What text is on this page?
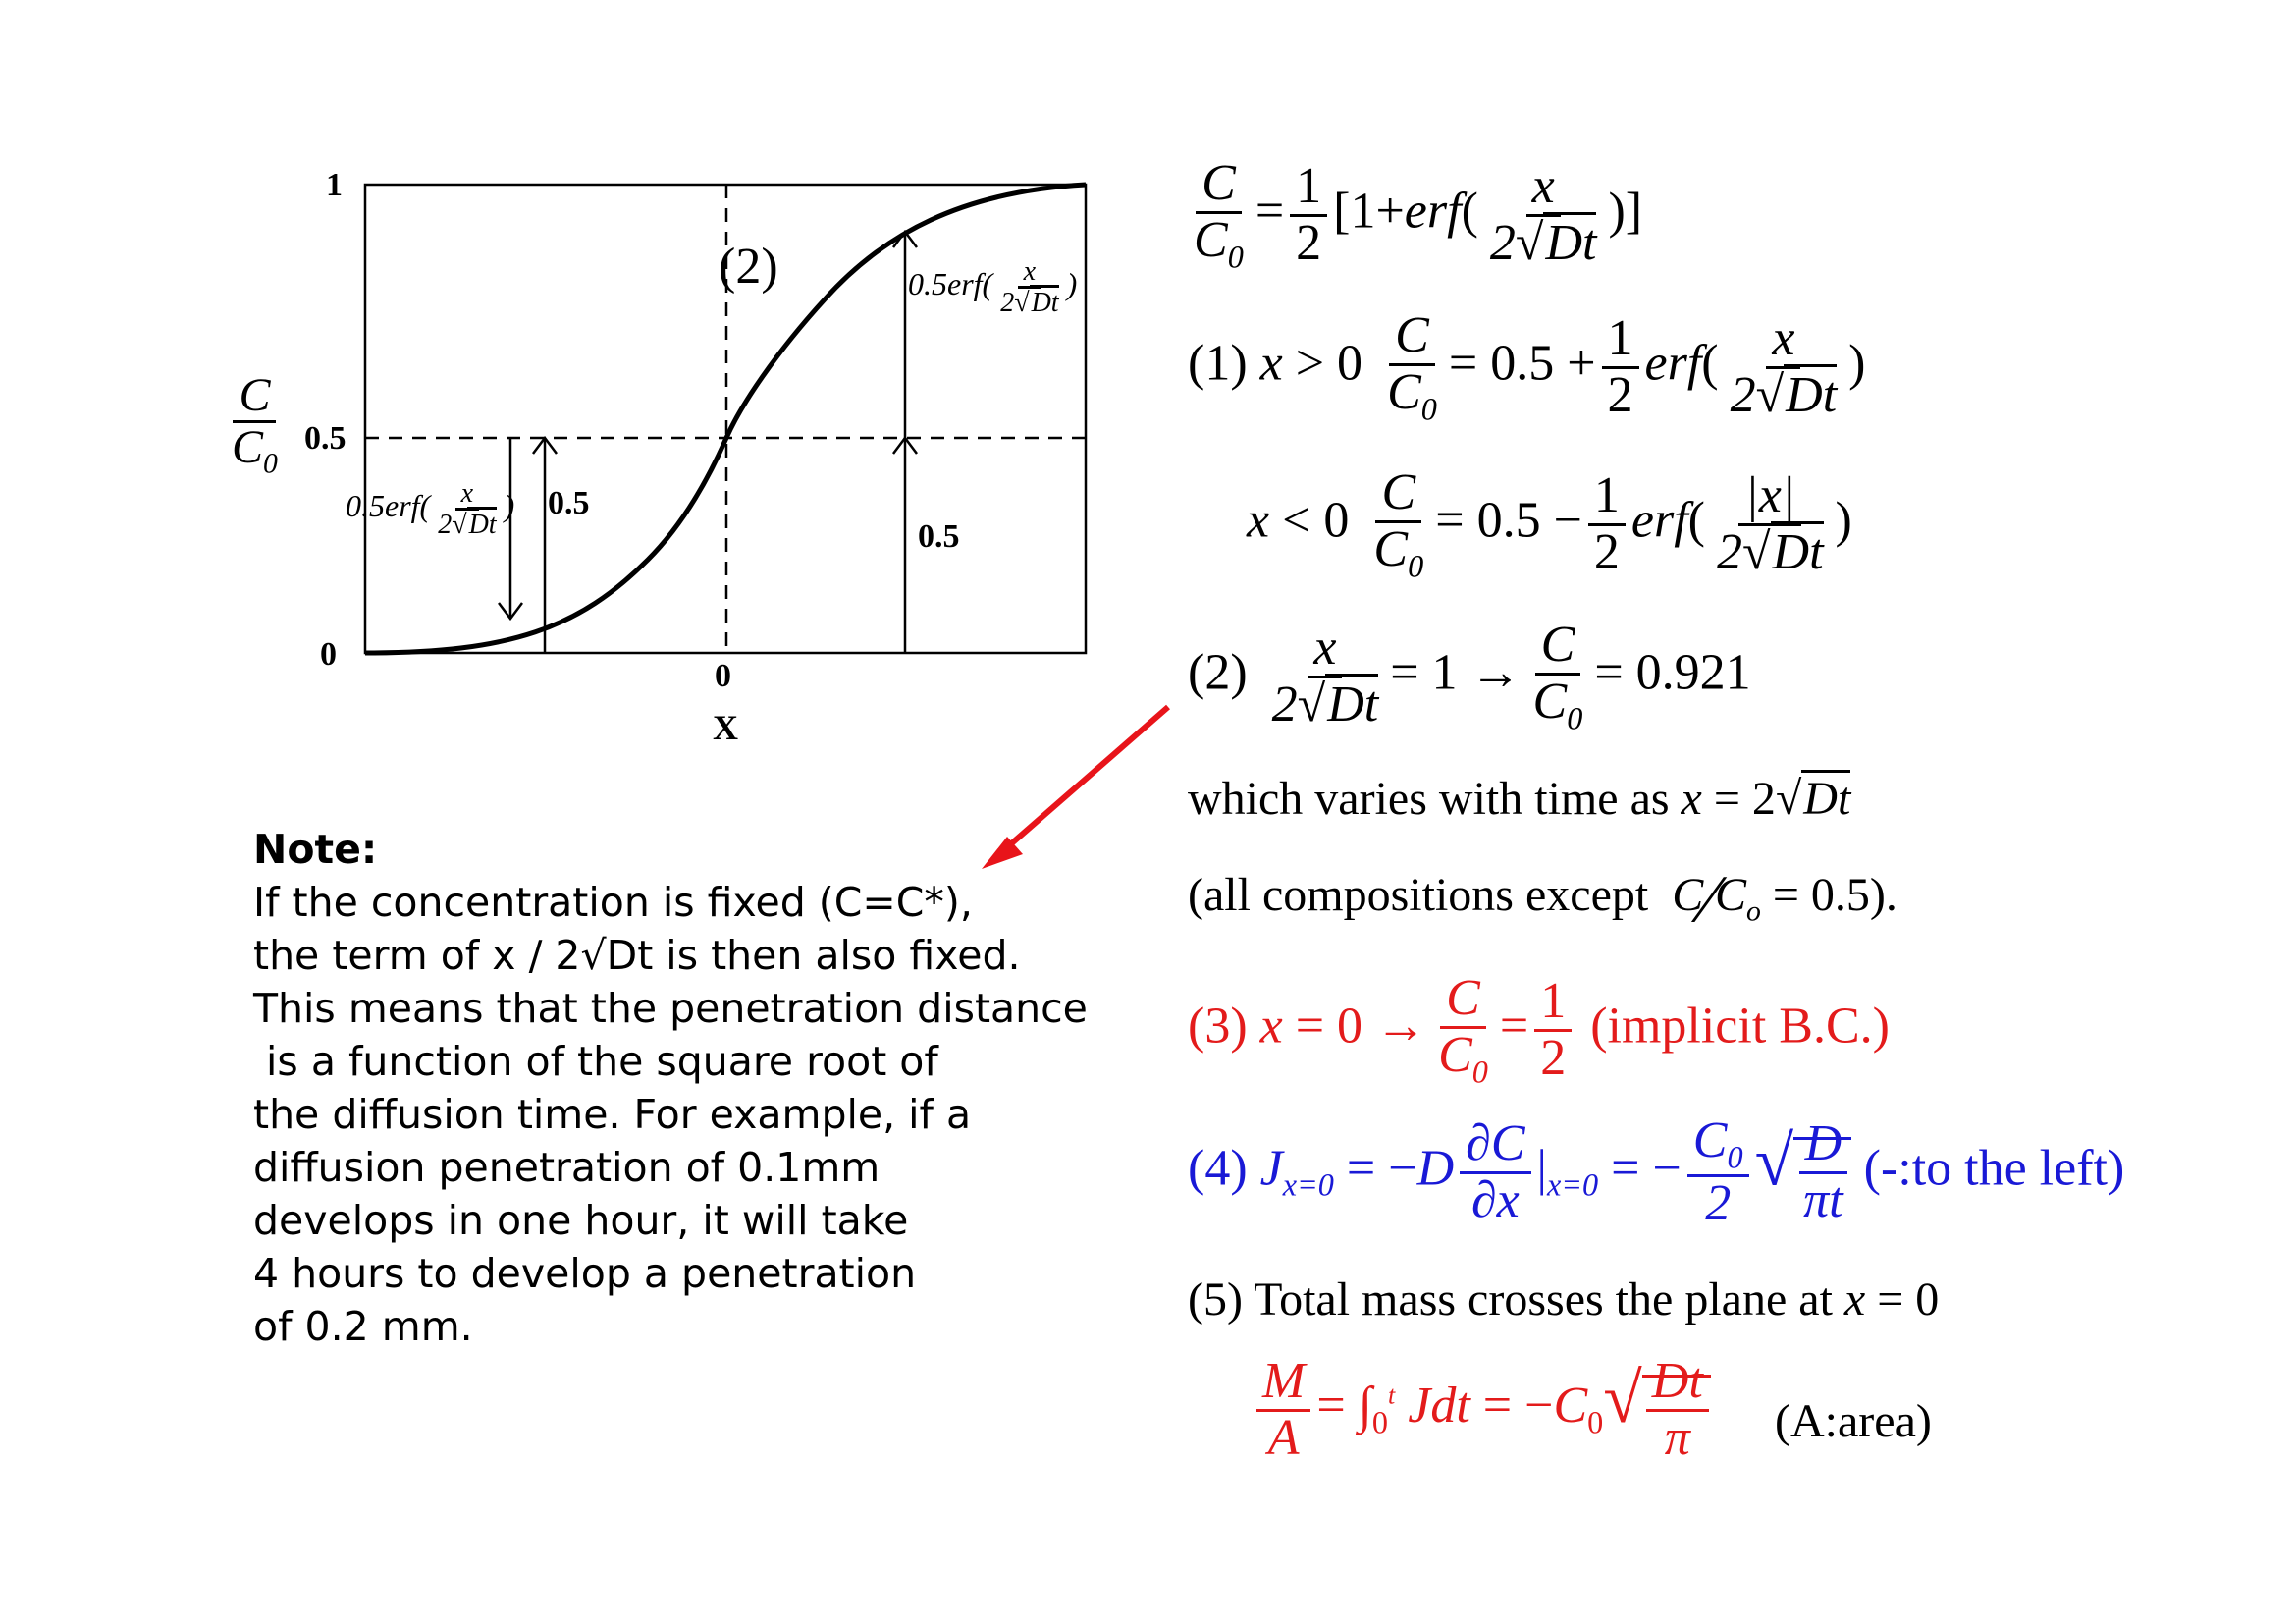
1
0.5
0
0
X
$\frac{C}{C_0}$
(2)	$0.5erf( \frac{x}{2√Dt}$ )
0.5
$0.5erf( \frac{x}{2√Dt}$ ) 0.5
Note:
If the concentration is fixed (C=C*),
the term of x / 2√Dt is then also fixed.
This means that the penetration distance
is a function of the square root of
the diffusion time. For example, if a
diffusion penetration of 0.1mm
develops in one hour, it will take
4 hours to develop a penetration
of 0.2 mm.
$\frac{C}{C_0} = \frac{1}{2} [1+erf( \frac{x}{2√Dt}$ )]
(1) $x > 0 \frac{C}{C_0} = 0.5 + \frac{1}{2} erf( \frac{x}{2√Dt}$ )
$x < 0 \frac{C}{C_0} = 0.5 - \frac{1}{2} erf( \frac{|x|}{2√Dt}$ )
$(2) \frac{x}{2√Dt} = 1 \to \frac{C}{C_0} = 0.921$
which varies with time as x = 2√Dt
(all compositions except $C⁄C_o = 0.5$).
(3) $x = 0 \to \frac{C}{C_0} = \frac{1}{2}$ (implicit B.C.)
(4) $J_{x=0} = -D \frac{\partial C}{\partial x} |_{x=0}$ = − $\frac{C_0}{2}$ √ $\frac{D}{\pi t}$ (-:to the left)
(5) Total mass crosses the plane at x = 0
$\frac{M}{A} = \int_0^t$ Jdt = $-C_0√ \frac{Dt}{\pi}$ (A:area)
